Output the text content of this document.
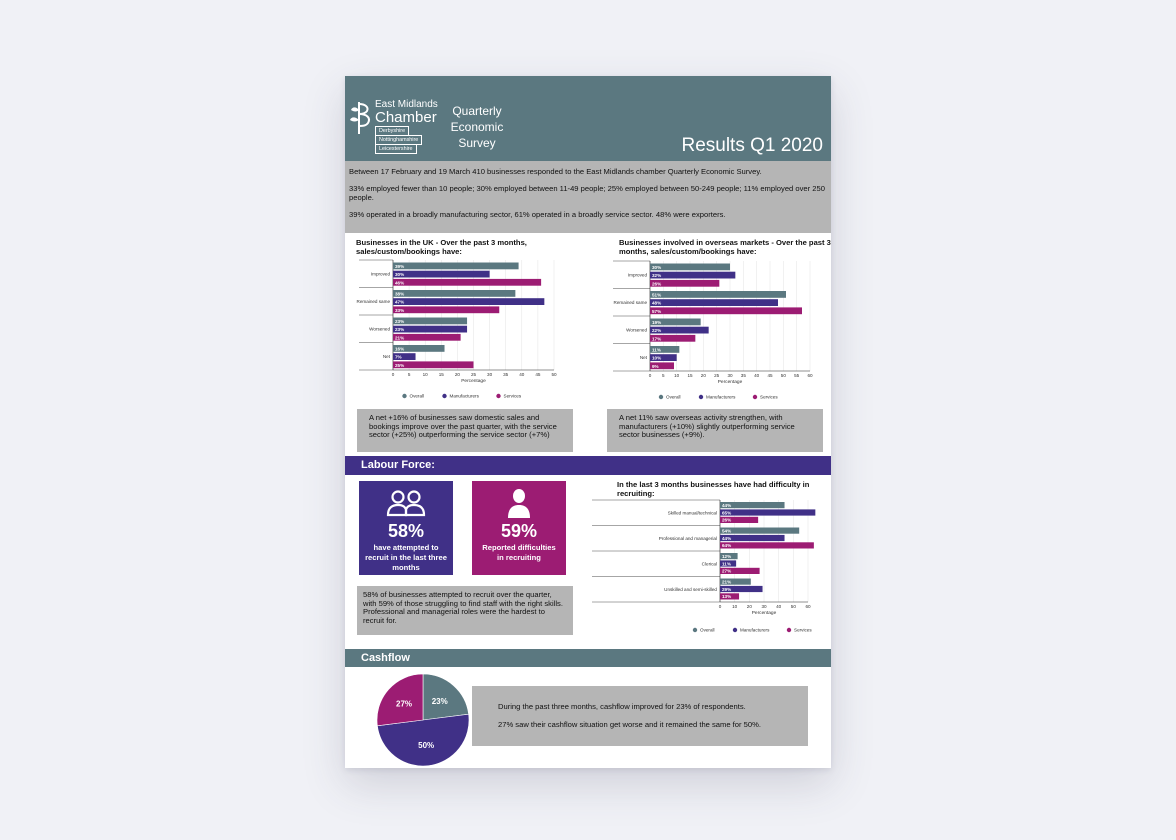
East Midlands
Chamber
Derbyshire
Nottinghamshire
Leicestershire
Quarterly
Economic
Survey	Results Q1 2020

Between 17 February and 19 March 410 businesses responded to the East Midlands chamber Quarterly Economic Survey.

33% employed fewer than 10 people; 30% employed between 11-49 people; 25% employed between 50-249 people; 11% employed over 250 people.

39% operated in a broadly manufacturing sector, 61% operated in a broadly service sector. 48% were exporters.

Businesses in the UK - Over the past 3 months, sales/custom/bookings have:
0	5	10 15 20 25 30 35 40 45 50
Improved
39%
30%
46%
Remained same
38%
47%
33%
Worsened
23%
23%
21%
Net
16%
7%
25%
Percentage
Overall	Manufacturers	Services
A net +16% of businesses saw domestic sales and bookings improve over the past quarter, with the service sector (+25%) outperforming the service sector (+7%)
Businesses involved in overseas markets - Over the past 3 months, sales/custom/bookings have:
0 5 10 15 20 25 30 35 40 45 50 55 60
Improved
30%
32%
26%
Remained same
51%
48%
57%
Worsened
19%
22%
17%
Net
11%
10%
9%
Percentage
Overall	Manufacturers	Services
A net 11% saw overseas activity strengthen, with manufacturers (+10%) slightly outperforming service sector businesses (+9%).
Labour Force:
58%
have attempted to recruit in the last three months
59%
Reported difficulties in recruiting
58% of businesses attempted to recruit over the quarter, with 59% of those struggling to find staff with the right skills. Professional and managerial roles were the hardest to recruit for.
In the last 3 months businesses have had difficulty in recruiting:
0 10 20 30 40 50 60
Skilled manual/technical
44%
65%
26%
Professional and managerial
54%
44%
64%
Clerical
12%
11%
27%
Unskilled and semi-skilled
21%
29%
13%
Percentage
Overall	Manufacturers	Services
Cashflow
23%
50%
27%	During the past three months, cashflow improved for 23% of respondents.

27% saw their cashflow situation get worse and it remained the same for 50%.
